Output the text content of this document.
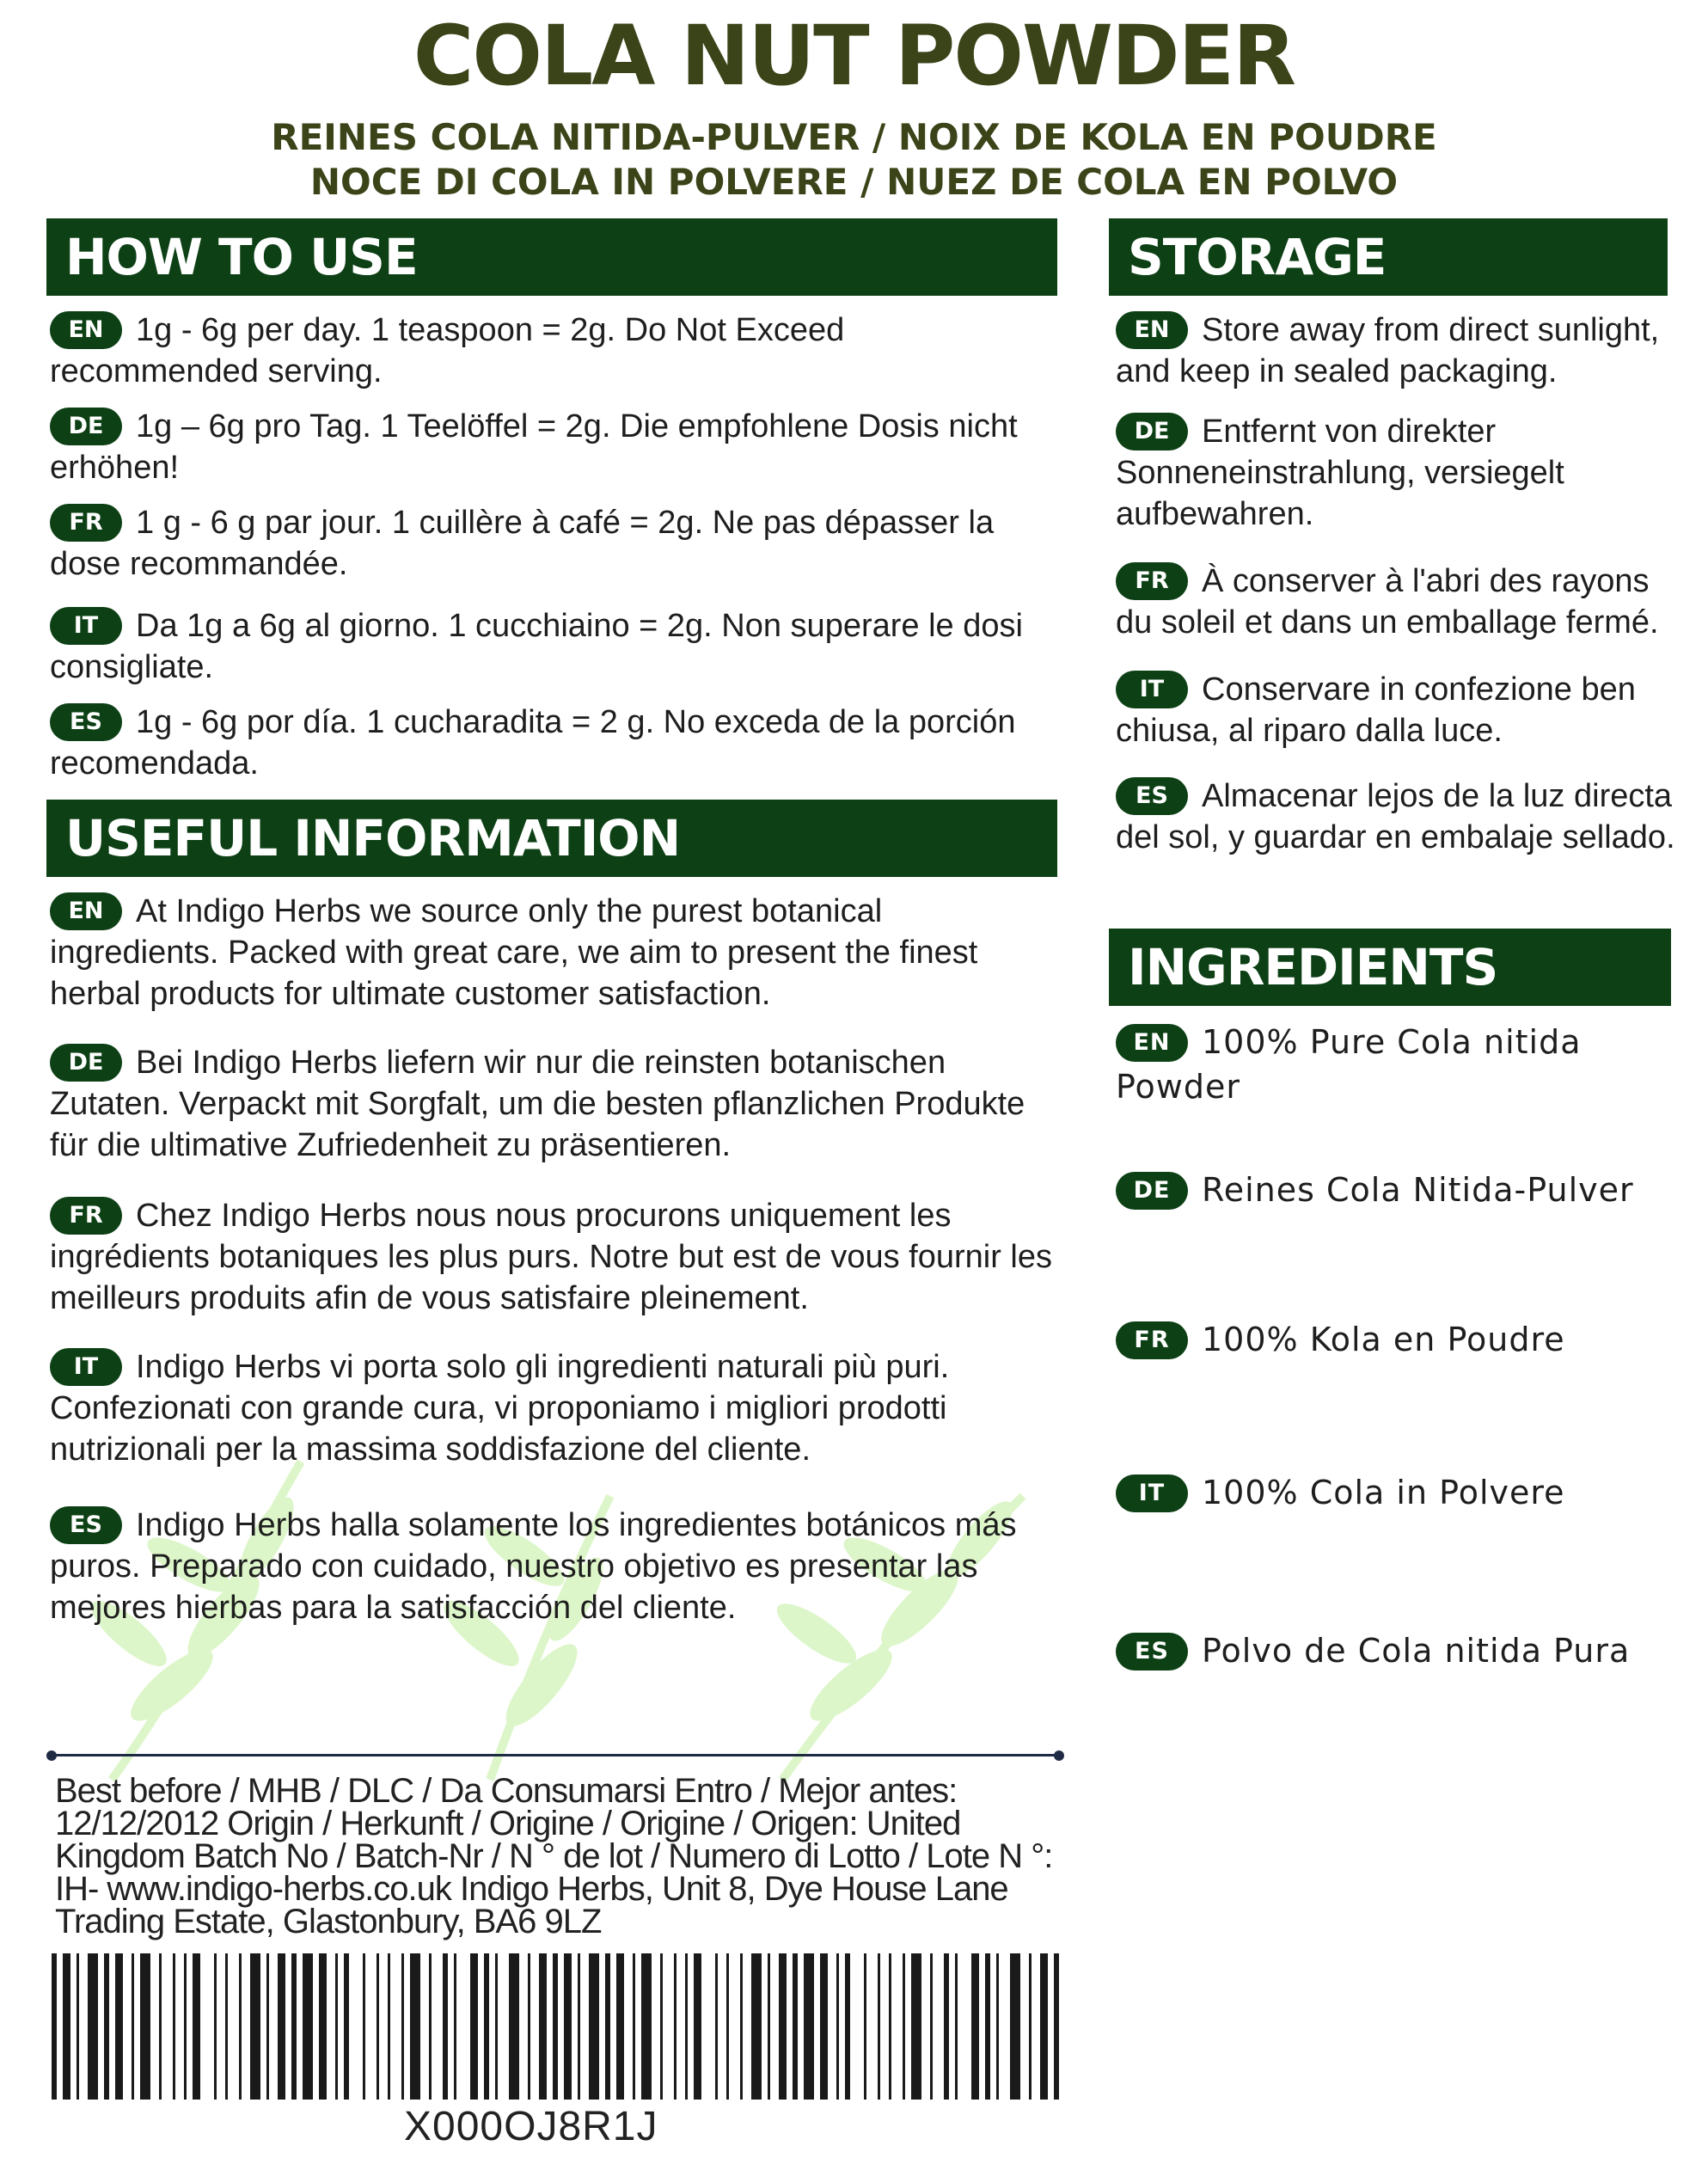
COLA NUT POWDER
REINES COLA NITIDA-PULVER / NOIX DE KOLA EN POUDRE
NOCE DI COLA IN POLVERE / NUEZ DE COLA EN POLVO
HOW TO USE
EN 1g - 6g per day. 1 teaspoon = 2g. Do Not Exceed recommended serving.
DE 1g – 6g pro Tag. 1 Teelöffel = 2g. Die empfohlene Dosis nicht erhöhen!
FR 1 g - 6 g par jour. 1 cuillère à café = 2g. Ne pas dépasser la dose recommandée.
IT Da 1g a 6g al giorno. 1 cucchiaino = 2g. Non superare le dosi consigliate.
ES 1g - 6g por día. 1 cucharadita = 2 g. No exceda de la porción recomendada.
USEFUL INFORMATION
EN At Indigo Herbs we source only the purest botanical ingredients. Packed with great care, we aim to present the finest herbal products for ultimate customer satisfaction.
DE Bei Indigo Herbs liefern wir nur die reinsten botanischen Zutaten. Verpackt mit Sorgfalt, um die besten pflanzlichen Produkte für die ultimative Zufriedenheit zu präsentieren.
FR Chez Indigo Herbs nous nous procurons uniquement les ingrédients botaniques les plus purs. Notre but est de vous fournir les meilleurs produits afin de vous satisfaire pleinement.
IT Indigo Herbs vi porta solo gli ingredienti naturali più puri. Confezionati con grande cura, vi proponiamo i migliori prodotti nutrizionali per la massima soddisfazione del cliente.
ES Indigo Herbs halla solamente los ingredientes botánicos más puros. Preparado con cuidado, nuestro objetivo es presentar las mejores hierbas para la satisfacción del cliente.
STORAGE
EN Store away from direct sunlight, and keep in sealed packaging.
DE Entfernt von direkter Sonneneinstrahlung, versiegelt aufbewahren.
FR À conserver à l'abri des rayons du soleil et dans un emballage fermé.
IT Conservare in confezione ben chiusa, al riparo dalla luce.
ES Almacenar lejos de la luz directa del sol, y guardar en embalaje sellado.
INGREDIENTS
EN 100% Pure Cola nitida Powder
DE Reines Cola Nitida-Pulver
FR 100% Kola en Poudre
IT 100% Cola in Polvere
ES Polvo de Cola nitida Pura
Best before / MHB / DLC / Da Consumarsi Entro / Mejor antes: 12/12/2012 Origin / Herkunft / Origine / Origine / Origen: United Kingdom Batch No / Batch-Nr / N ° de lot / Numero di Lotto / Lote N °: IH- www.indigo-herbs.co.uk Indigo Herbs, Unit 8, Dye House Lane Trading Estate, Glastonbury, BA6 9LZ
X000OJ8R1J
